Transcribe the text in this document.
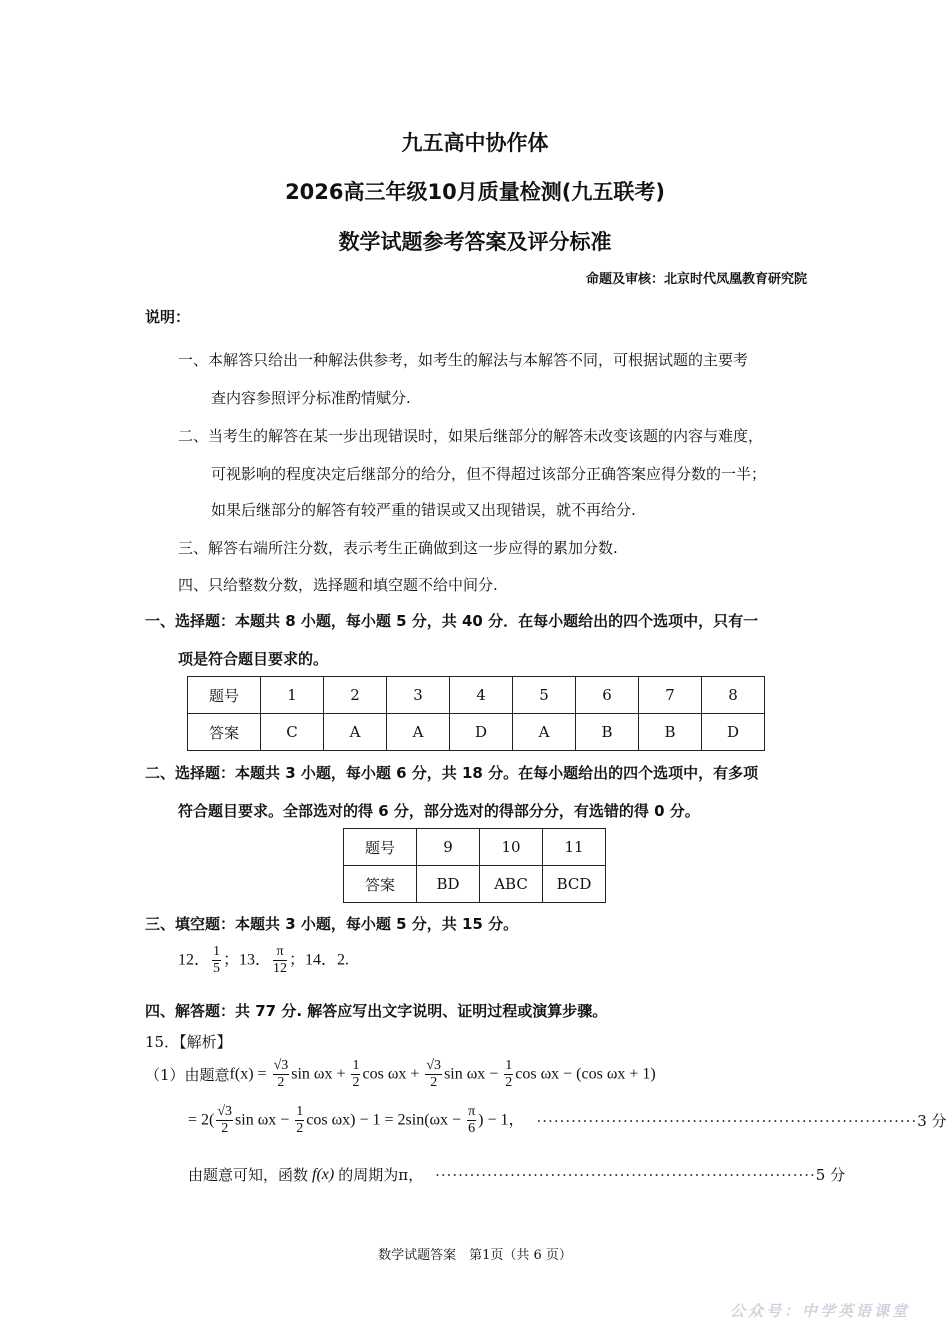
九五高中协作体
2026高三年级10月质量检测(九五联考)
数学试题参考答案及评分标准
命题及审核：北京时代凤凰教育研究院
说明：
一、本解答只给出一种解法供参考，如考生的解法与本解答不同，可根据试题的主要考
查内容参照评分标准酌情赋分.
二、当考生的解答在某一步出现错误时，如果后继部分的解答未改变该题的内容与难度，
可视影响的程度决定后继部分的给分，但不得超过该部分正确答案应得分数的一半；
如果后继部分的解答有较严重的错误或又出现错误，就不再给分.
三、解答右端所注分数，表示考生正确做到这一步应得的累加分数.
四、只给整数分数，选择题和填空题不给中间分.
一、选择题：本题共 8 小题，每小题 5 分，共 40 分．在每小题给出的四个选项中，只有一
项是符合题目要求的。
题号	1	2	3	4	5	6	7	8
答案	C	A	A	D	A	B	B	D
二、选择题：本题共 3 小题，每小题 6 分，共 18 分。在每小题给出的四个选项中，有多项
符合题目要求。全部选对的得 6 分，部分选对的得部分分，有选错的得 0 分。
题号	9	10	11
答案	BD	ABC	BCD
三、填空题：本题共 3 小题，每小题 5 分，共 15 分。
12． $\frac{1}{5}$ ；13． $\frac{\pi}{12}$ ；14．2.
四、解答题：共 77 分. 解答应写出文字说明、证明过程或演算步骤。
15．【解析】
（1）由题意 $f(x) = \frac{√3}{2}$ $\sin \omega x + \frac{1}{2}$ $\cos \omega x + \frac{√3}{2}$ $\sin \omega x - \frac{1}{2}$ cos ωx − (cos ωx + 1)
= $2( \frac{√3}{2}$ $\sin \omega x - \frac{1}{2}$ $\cos \omega x) - 1 = 2\sin(\omega x - \frac{\pi}{6}$ ) − 1， ·································································· 3 分
由题意可知，函数 f(x) 的周期为π， ·································································· 5 分
数学试题答案　第1页（共 6 页）
公众号：中学英语课堂
